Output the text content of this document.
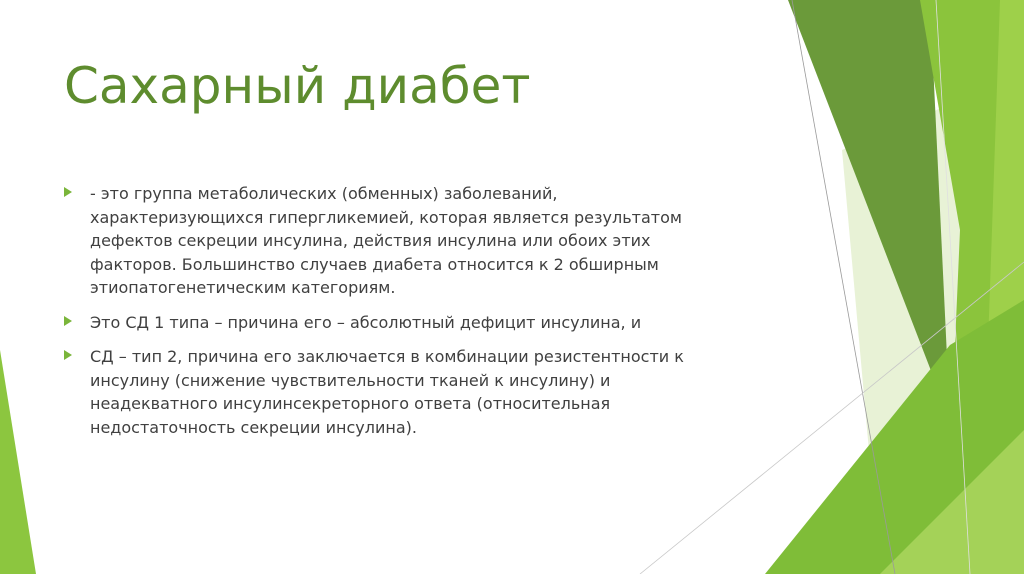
Сахарный диабет
- это группа метаболических (обменных) заболеваний,
характеризующихся гипергликемией, которая является результатом
дефектов секреции инсулина, действия инсулина или обоих этих
факторов. Большинство случаев диабета относится к 2 обширным
этиопатогенетическим категориям.
Это СД 1 типа – причина его – абсолютный дефицит инсулина, и
СД – тип 2, причина его заключается в комбинации резистентности к
инсулину (снижение чувствительности тканей к инсулину) и
неадекватного инсулинсекреторного ответа (относительная
недостаточность секреции инсулина).
